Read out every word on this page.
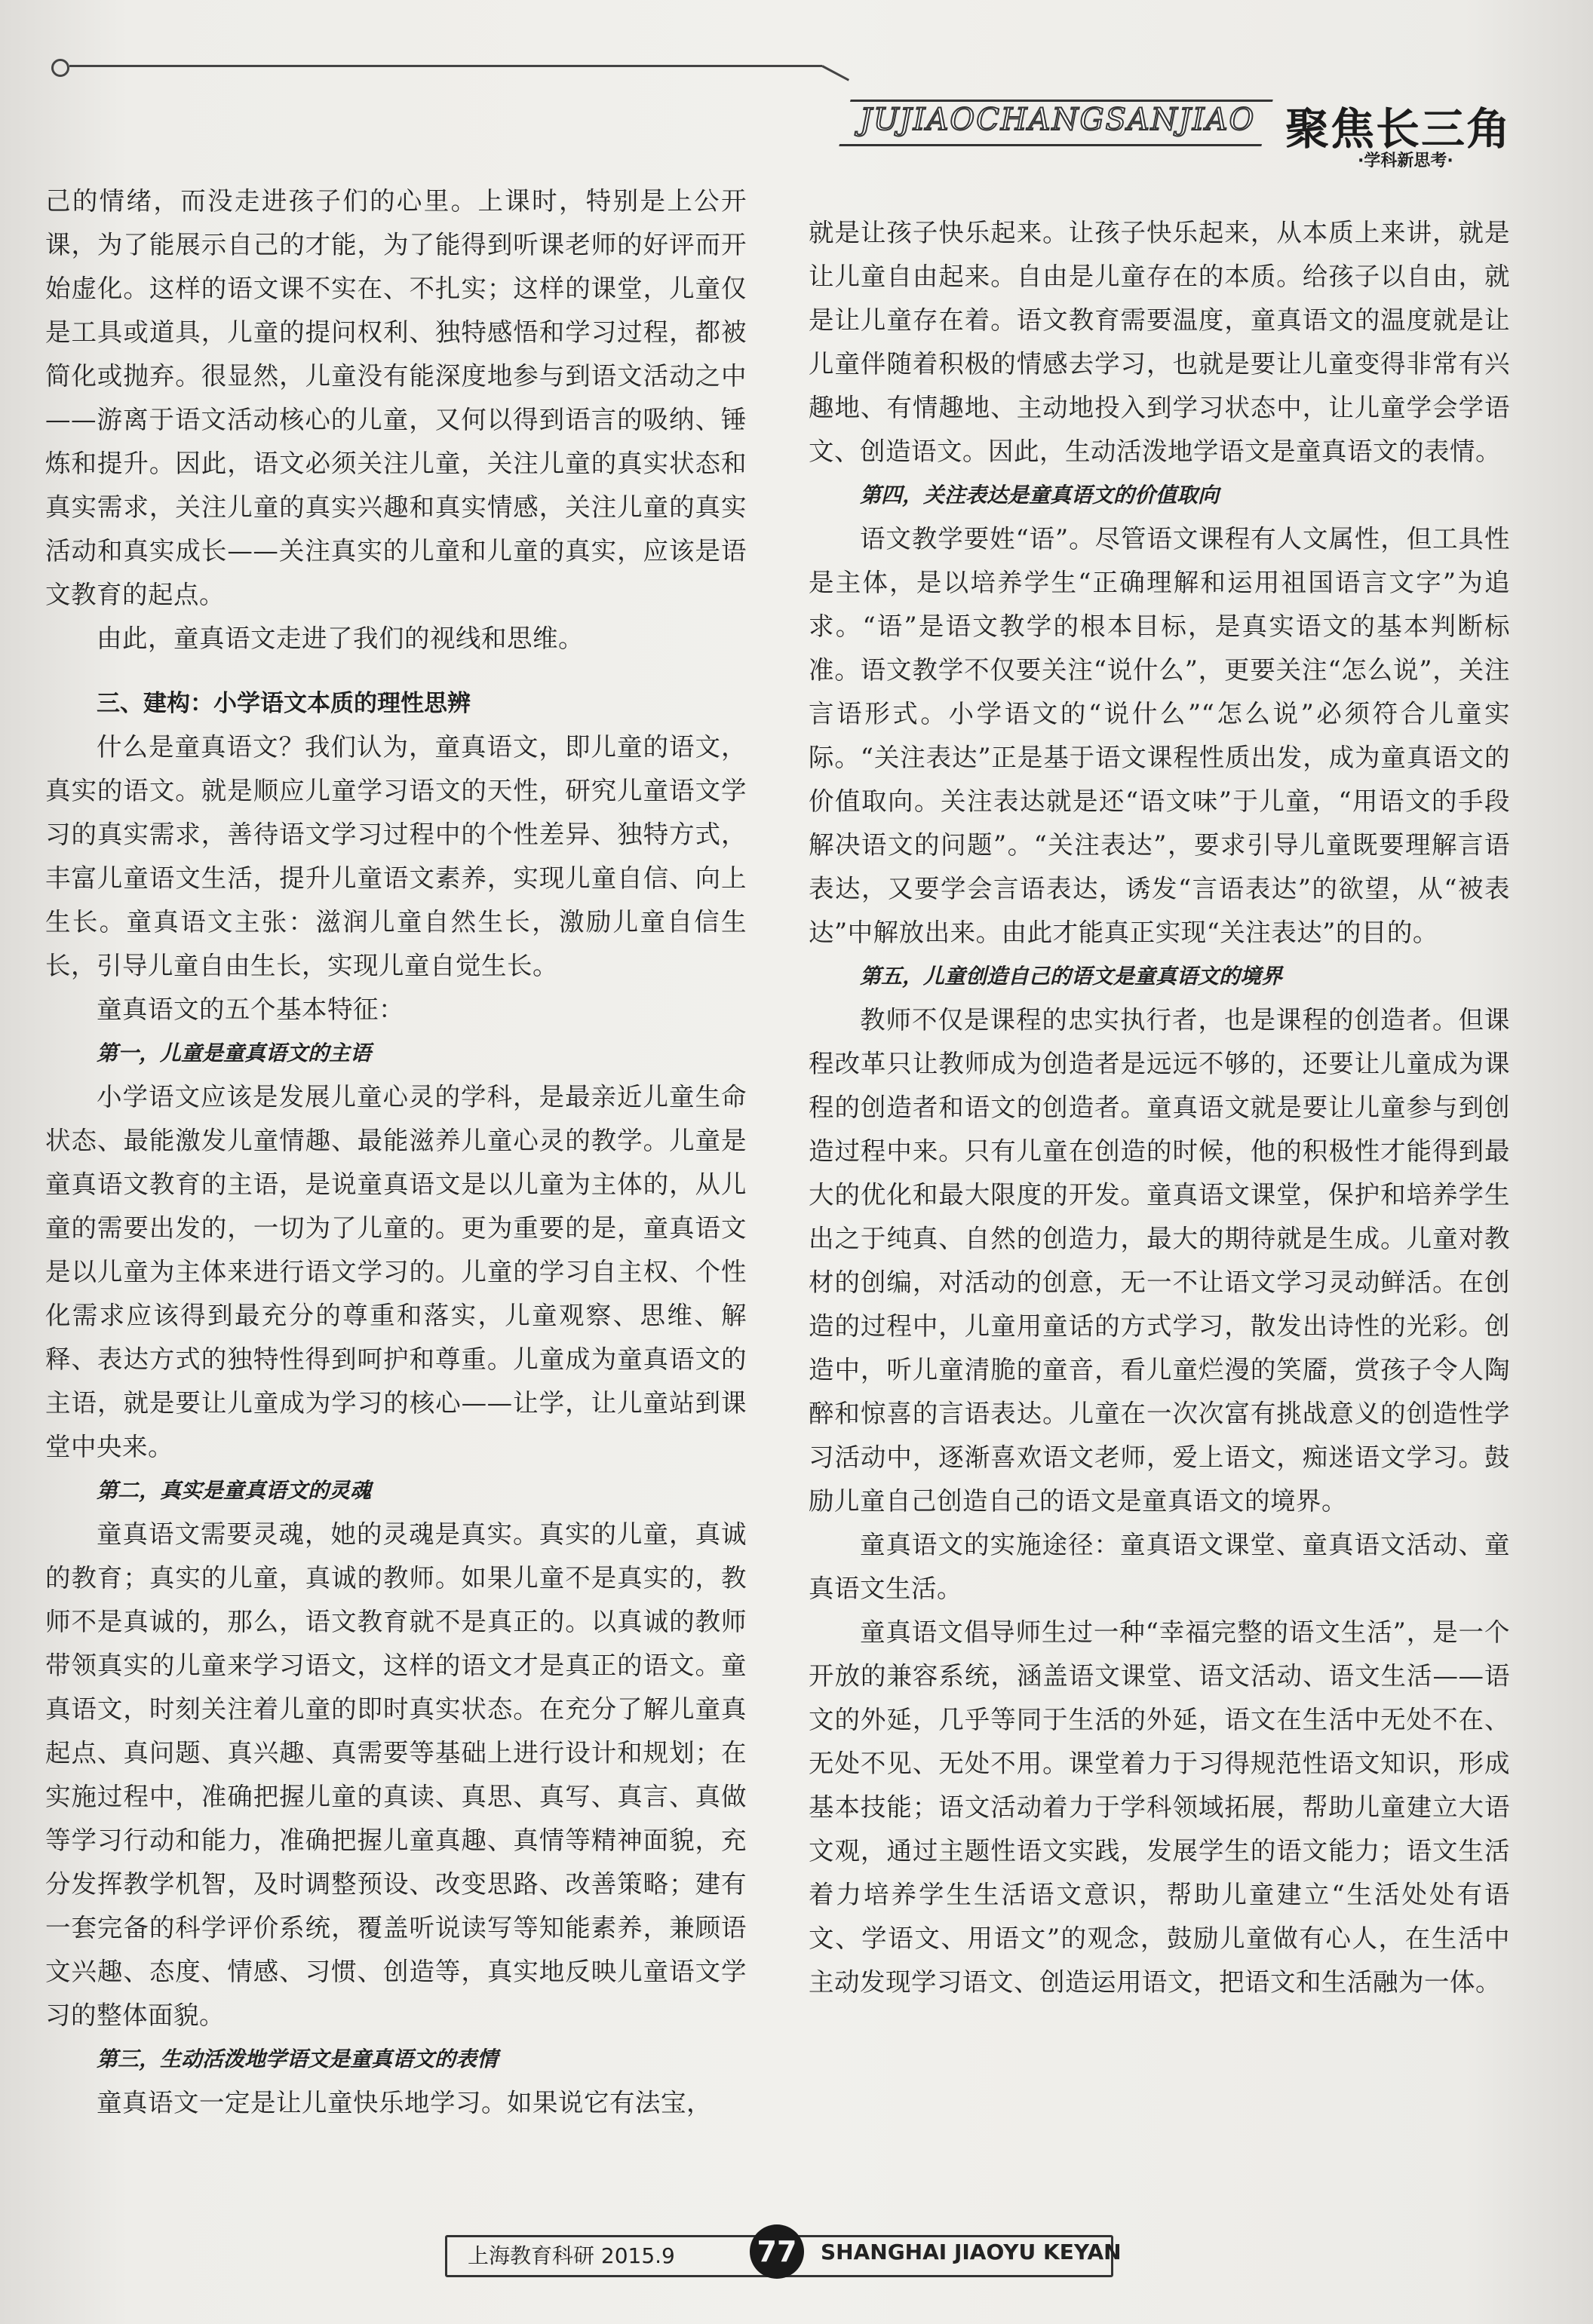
JUJIAOCHANGSANJIAO 聚焦长三角
·学科新思考·

己的情绪，而没走进孩子们的心里。上课时，特别是上公开课，为了能展示自己的才能，为了能得到听课老师的好评而开始虚化。这样的语文课不实在、不扎实；这样的课堂，儿童仅是工具或道具，儿童的提问权利、独特感悟和学习过程，都被简化或抛弃。很显然，儿童没有能深度地参与到语文活动之中——游离于语文活动核心的儿童，又何以得到语言的吸纳、锤炼和提升。因此，语文必须关注儿童，关注儿童的真实状态和真实需求，关注儿童的真实兴趣和真实情感，关注儿童的真实活动和真实成长——关注真实的儿童和儿童的真实，应该是语文教育的起点。

由此，童真语文走进了我们的视线和思维。

三、建构：小学语文本质的理性思辨

什么是童真语文？我们认为，童真语文，即儿童的语文，真实的语文。就是顺应儿童学习语文的天性，研究儿童语文学习的真实需求，善待语文学习过程中的个性差异、独特方式，丰富儿童语文生活，提升儿童语文素养，实现儿童自信、向上生长。童真语文主张：滋润儿童自然生长，激励儿童自信生长，引导儿童自由生长，实现儿童自觉生长。

童真语文的五个基本特征：

第一，儿童是童真语文的主语

小学语文应该是发展儿童心灵的学科，是最亲近儿童生命状态、最能激发儿童情趣、最能滋养儿童心灵的教学。儿童是童真语文教育的主语，是说童真语文是以儿童为主体的，从儿童的需要出发的，一切为了儿童的。更为重要的是，童真语文是以儿童为主体来进行语文学习的。儿童的学习自主权、个性化需求应该得到最充分的尊重和落实，儿童观察、思维、解释、表达方式的独特性得到呵护和尊重。儿童成为童真语文的主语，就是要让儿童成为学习的核心——让学，让儿童站到课堂中央来。

第二，真实是童真语文的灵魂

童真语文需要灵魂，她的灵魂是真实。真实的儿童，真诚的教育；真实的儿童，真诚的教师。如果儿童不是真实的，教师不是真诚的，那么，语文教育就不是真正的。以真诚的教师带领真实的儿童来学习语文，这样的语文才是真正的语文。童真语文，时刻关注着儿童的即时真实状态。在充分了解儿童真起点、真问题、真兴趣、真需要等基础上进行设计和规划；在实施过程中，准确把握儿童的真读、真思、真写、真言、真做等学习行动和能力，准确把握儿童真趣、真情等精神面貌，充分发挥教学机智，及时调整预设、改变思路、改善策略；建有一套完备的科学评价系统，覆盖听说读写等知能素养，兼顾语文兴趣、态度、情感、习惯、创造等，真实地反映儿童语文学习的整体面貌。

第三，生动活泼地学语文是童真语文的表情

童真语文一定是让儿童快乐地学习。如果说它有法宝，

就是让孩子快乐起来。让孩子快乐起来，从本质上来讲，就是让儿童自由起来。自由是儿童存在的本质。给孩子以自由，就是让儿童存在着。语文教育需要温度，童真语文的温度就是让儿童伴随着积极的情感去学习，也就是要让儿童变得非常有兴趣地、有情趣地、主动地投入到学习状态中，让儿童学会学语文、创造语文。因此，生动活泼地学语文是童真语文的表情。

第四，关注表达是童真语文的价值取向

语文教学要姓“语”。尽管语文课程有人文属性，但工具性是主体，是以培养学生“正确理解和运用祖国语言文字”为追求。“语”是语文教学的根本目标，是真实语文的基本判断标准。语文教学不仅要关注“说什么”，更要关注“怎么说”，关注言语形式。小学语文的“说什么”“怎么说”必须符合儿童实际。“关注表达”正是基于语文课程性质出发，成为童真语文的价值取向。关注表达就是还“语文味”于儿童，“用语文的手段解决语文的问题”。“关注表达”，要求引导儿童既要理解言语表达，又要学会言语表达，诱发“言语表达”的欲望，从“被表达”中解放出来。由此才能真正实现“关注表达”的目的。

第五，儿童创造自己的语文是童真语文的境界

教师不仅是课程的忠实执行者，也是课程的创造者。但课程改革只让教师成为创造者是远远不够的，还要让儿童成为课程的创造者和语文的创造者。童真语文就是要让儿童参与到创造过程中来。只有儿童在创造的时候，他的积极性才能得到最大的优化和最大限度的开发。童真语文课堂，保护和培养学生出之于纯真、自然的创造力，最大的期待就是生成。儿童对教材的创编，对活动的创意，无一不让语文学习灵动鲜活。在创造的过程中，儿童用童话的方式学习，散发出诗性的光彩。创造中，听儿童清脆的童音，看儿童烂漫的笑靥，赏孩子令人陶醉和惊喜的言语表达。儿童在一次次富有挑战意义的创造性学习活动中，逐渐喜欢语文老师，爱上语文，痴迷语文学习。鼓励儿童自己创造自己的语文是童真语文的境界。

童真语文的实施途径：童真语文课堂、童真语文活动、童真语文生活。

童真语文倡导师生过一种“幸福完整的语文生活”，是一个开放的兼容系统，涵盖语文课堂、语文活动、语文生活——语文的外延，几乎等同于生活的外延，语文在生活中无处不在、无处不见、无处不用。课堂着力于习得规范性语文知识，形成基本技能；语文活动着力于学科领域拓展，帮助儿童建立大语文观，通过主题性语文实践，发展学生的语文能力；语文生活着力培养学生生活语文意识，帮助儿童建立“生活处处有语文、学语文、用语文”的观念，鼓励儿童做有心人，在生活中主动发现学习语文、创造运用语文，把语文和生活融为一体。

上海教育科研 2015.9	77	SHANGHAI JIAOYU KEYAN
